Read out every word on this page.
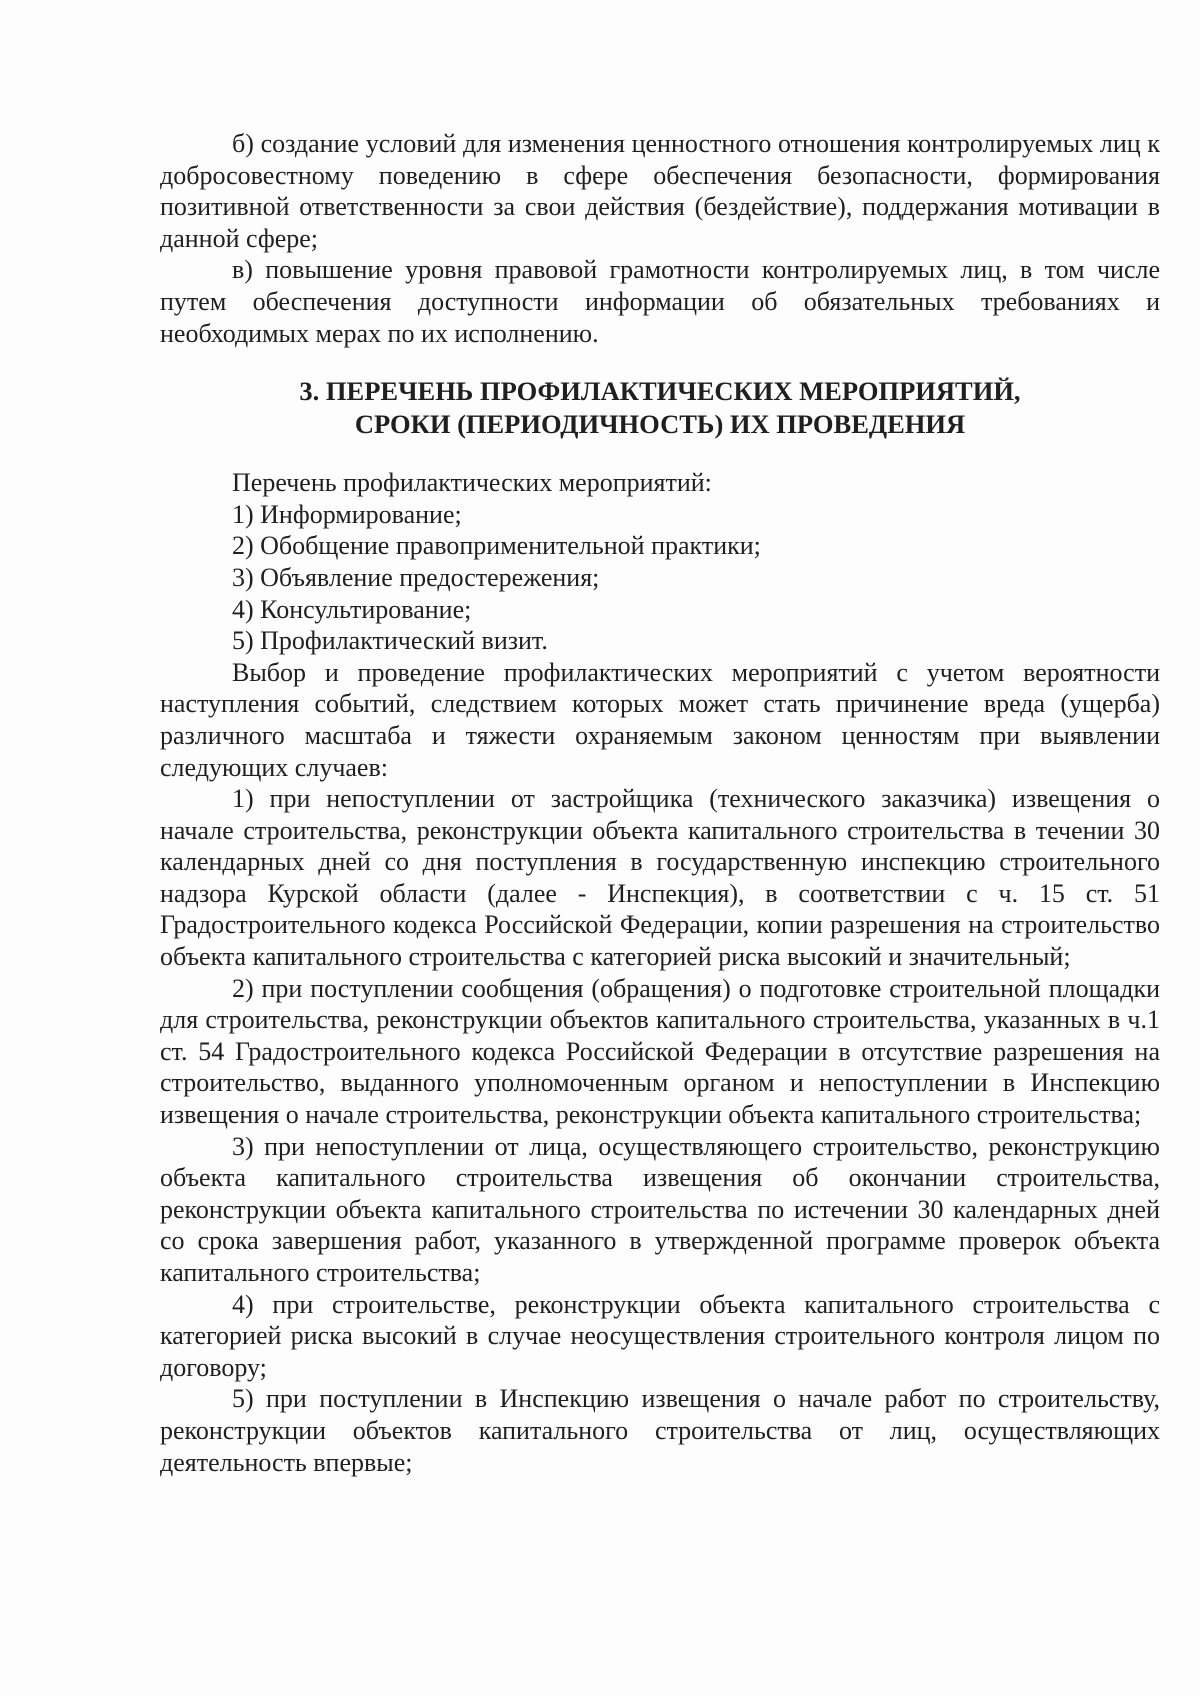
б) создание условий для изменения ценностного отношения контролируемых лиц к добросовестному поведению в сфере обеспечения безопасности, формирования позитивной ответственности за свои действия (бездействие), поддержания мотивации в данной сфере;

в) повышение уровня правовой грамотности контролируемых лиц, в том числе путем обеспечения доступности информации об обязательных требованиях и необходимых мерах по их исполнению.

3. ПЕРЕЧЕНЬ ПРОФИЛАКТИЧЕСКИХ МЕРОПРИЯТИЙ,
СРОКИ (ПЕРИОДИЧНОСТЬ) ИХ ПРОВЕДЕНИЯ

Перечень профилактических мероприятий:

1) Информирование;

2) Обобщение правоприменительной практики;

3) Объявление предостережения;

4) Консультирование;

5) Профилактический визит.

Выбор и проведение профилактических мероприятий с учетом вероятности наступления событий, следствием которых может стать причинение вреда (ущерба) различного масштаба и тяжести охраняемым законом ценностям при выявлении следующих случаев:

1) при непоступлении от застройщика (технического заказчика) извещения о начале строительства, реконструкции объекта капитального строительства в течении 30 календарных дней со дня поступления в государственную инспекцию строительного надзора Курской области (далее - Инспекция), в соответствии с ч. 15 ст. 51 Градостроительного кодекса Российской Федерации, копии разрешения на строительство объекта капитального строительства с категорией риска высокий и значительный;

2) при поступлении сообщения (обращения) о подготовке строительной площадки для строительства, реконструкции объектов капитального строительства, указанных в ч.1 ст. 54 Градостроительного кодекса Российской Федерации в отсутствие разрешения на строительство, выданного уполномоченным органом и непоступлении в Инспекцию извещения о начале строительства, реконструкции объекта капитального строительства;

3) при непоступлении от лица, осуществляющего строительство, реконструкцию объекта капитального строительства извещения об окончании строительства, реконструкции объекта капитального строительства по истечении 30 календарных дней со срока завершения работ, указанного в утвержденной программе проверок объекта капитального строительства;

4) при строительстве, реконструкции объекта капитального строительства с категорией риска высокий в случае неосуществления строительного контроля лицом по договору;

5) при поступлении в Инспекцию извещения о начале работ по строительству, реконструкции объектов капитального строительства от лиц, осуществляющих деятельность впервые;
